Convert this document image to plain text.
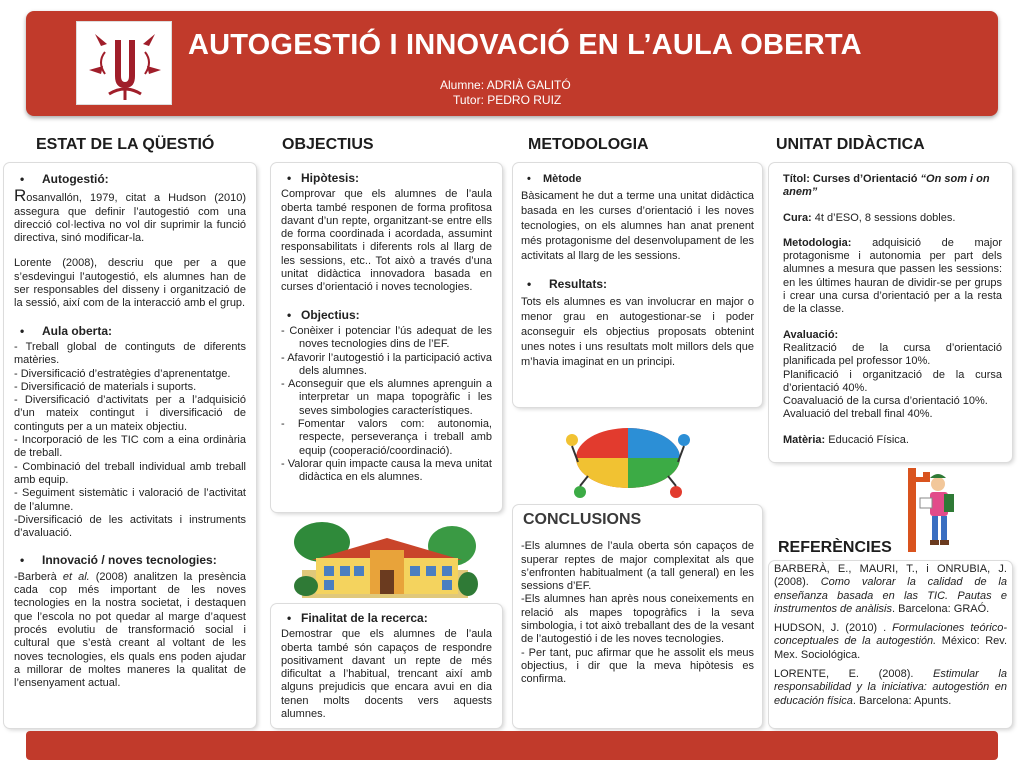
AUTOGESTIÓ I INNOVACIÓ EN L’AULA OBERTA
Alumne: ADRIÀ GALITÓ
Tutor: PEDRO RUIZ
ESTAT DE LA QÜESTIÓ	OBJECTIUS	METODOLOGIA	UNITAT DIDÀCTICA
•	Autogestió:

Rosanvallón, 1979, citat a Hudson (2010) assegura que definir l’autogestió com una direcció col·lectiva no vol dir suprimir la funció directiva, sinó modificar-la.

Lorente (2008), descriu que per a que s’esdevingui l’autogestió, els alumnes han de ser responsables del disseny i organització de la sessió, així com de la interacció amb el grup.

•	Aula oberta:

- Treball global de continguts de diferents matèries.

- Diversificació d’estratègies d’aprenentatge.

- Diversificació de materials i suports.

- Diversificació d’activitats per a l’adquisició d’un mateix contingut i diversificació de continguts per a un mateix objectiu.

- Incorporació de les TIC com a eina ordinària de treball.

- Combinació del treball individual amb treball amb equip.

- Seguiment sistemàtic i valoració de l’activitat de l’alumne.

-Diversificació de les activitats i instruments d’avaluació.

•	Innovació / noves tecnologies:

-Barberà et al. (2008) analitzen la presència cada cop més important de les noves tecnologies en la nostra societat, i destaquen que l’escola no pot quedar al marge d’aquest procés evolutiu de transformació social i cultural que s’està creant al voltant de les noves tecnologies, els quals ens poden ajudar a millorar de moltes maneres la qualitat de l’ensenyament actual.

• Hipòtesis:

Comprovar que els alumnes de l’aula oberta també responen de forma profitosa davant d’un repte, organitzant-se entre ells de forma coordinada i acordada, assumint responsabilitats i diferents rols al llarg de les sessions, etc.. Tot això a través d’una unitat didàctica innovadora basada en curses d’orientació i noves tecnologies.

• Objectius:

- Conèixer i potenciar l’ús adequat de les noves tecnologies dins de l’EF.

- Afavorir l’autogestió i la participació activa dels alumnes.

- Aconseguir que els alumnes aprenguin a interpretar un mapa topogràfic i les seves simbologies característiques.

- Fomentar valors com: autonomia, respecte, perseverança i treball amb equip (cooperació/coordinació).

- Valorar quin impacte causa la meva unitat didàctica en els alumnes.

• Finalitat de la recerca:

Demostrar que els alumnes de l’aula oberta també són capaços de respondre positivament davant un repte de més dificultat a l’habitual, trencant així amb alguns prejudicis que encara avui en dia tenen molts docents vers aquests alumnes.

•	Mètode

Bàsicament he dut a terme una unitat didàctica basada en les curses d’orientació i les noves tecnologies, on els alumnes han anat prenent més protagonisme del desenvolupament de les activitats al llarg de les sessions.

•	Resultats:

Tots els alumnes es van involucrar en major o menor grau en autogestionar-se i poder aconseguir els objectius proposats obtenint unes notes i uns resultats molt millors dels que m’havia imaginat en un principi.

CONCLUSIONS

-Els alumnes de l’aula oberta són capaços de superar reptes de major complexitat als que s’enfronten habitualment (a tall general) en les sessions d’EF.

-Els alumnes han après nous coneixements en relació als mapes topogràfics i la seva simbologia, i tot això treballant des de la vesant de l’autogestió i de les noves tecnologies.

- Per tant, puc afirmar que he assolit els meus objectius, i dir que la meva hipòtesis es confirma.

Títol: Curses d’Orientació “On som i on anem”

Cura: 4t d’ESO, 8 sessions dobles.

Metodologia: adquisició de major protagonisme i autonomia per part dels alumnes a mesura que passen les sessions: en les últimes hauran de dividir-se per grups i crear una cursa d’orientació per a la resta de la classe.

Avaluació:

Realització de la cursa d’orientació planificada pel professor 10%.

Planificació i organització de la cursa d’orientació 40%.

Coavaluació de la cursa d’orientació 10%.

Avaluació del treball final 40%.

Matèria: Educació Física.

REFERÈNCIES

BARBERÀ, E., MAURI, T., i ONRUBIA, J. (2008). Como valorar la calidad de la enseñanza basada en las TIC. Pautas e instrumentos de anàlisis. Barcelona: GRAÓ.

HUDSON, J. (2010) . Formulaciones teórico-conceptuales de la autogestión. México: Rev. Mex. Sociológica.

LORENTE, E. (2008). Estimular la responsabilidad y la iniciativa: autogestión en educación física. Barcelona: Apunts.
